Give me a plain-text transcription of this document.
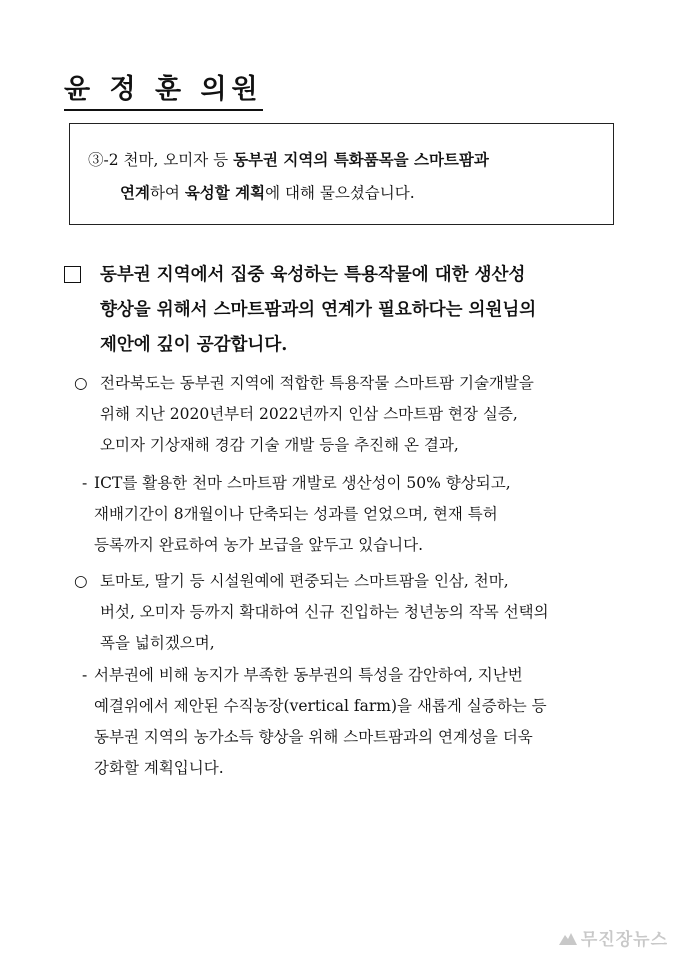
윤 정 훈 의원
③-2 천마, 오미자 등 동부권 지역의 특화품목을 스마트팜과
연계하여 육성할 계획에 대해 물으셨습니다.
동부권 지역에서 집중 육성하는 특용작물에 대한 생산성
향상을 위해서 스마트팜과의 연계가 필요하다는 의원님의
제안에 깊이 공감합니다.
○ 전라북도는 동부권 지역에 적합한 특용작물 스마트팜 기술개발을
위해 지난 2020년부터 2022년까지 인삼 스마트팜 현장 실증,
오미자 기상재해 경감 기술 개발 등을 추진해 온 결과,
- ICT를 활용한 천마 스마트팜 개발로 생산성이 50% 향상되고,
재배기간이 8개월이나 단축되는 성과를 얻었으며, 현재 특허
등록까지 완료하여 농가 보급을 앞두고 있습니다.
○ 토마토, 딸기 등 시설원예에 편중되는 스마트팜을 인삼, 천마,
버섯, 오미자 등까지 확대하여 신규 진입하는 청년농의 작목 선택의
폭을 넓히겠으며,
- 서부권에 비해 농지가 부족한 동부권의 특성을 감안하여, 지난번
예결위에서 제안된 수직농장(vertical farm)을 새롭게 실증하는 등
동부권 지역의 농가소득 향상을 위해 스마트팜과의 연계성을 더욱
강화할 계획입니다.
무진장뉴스
